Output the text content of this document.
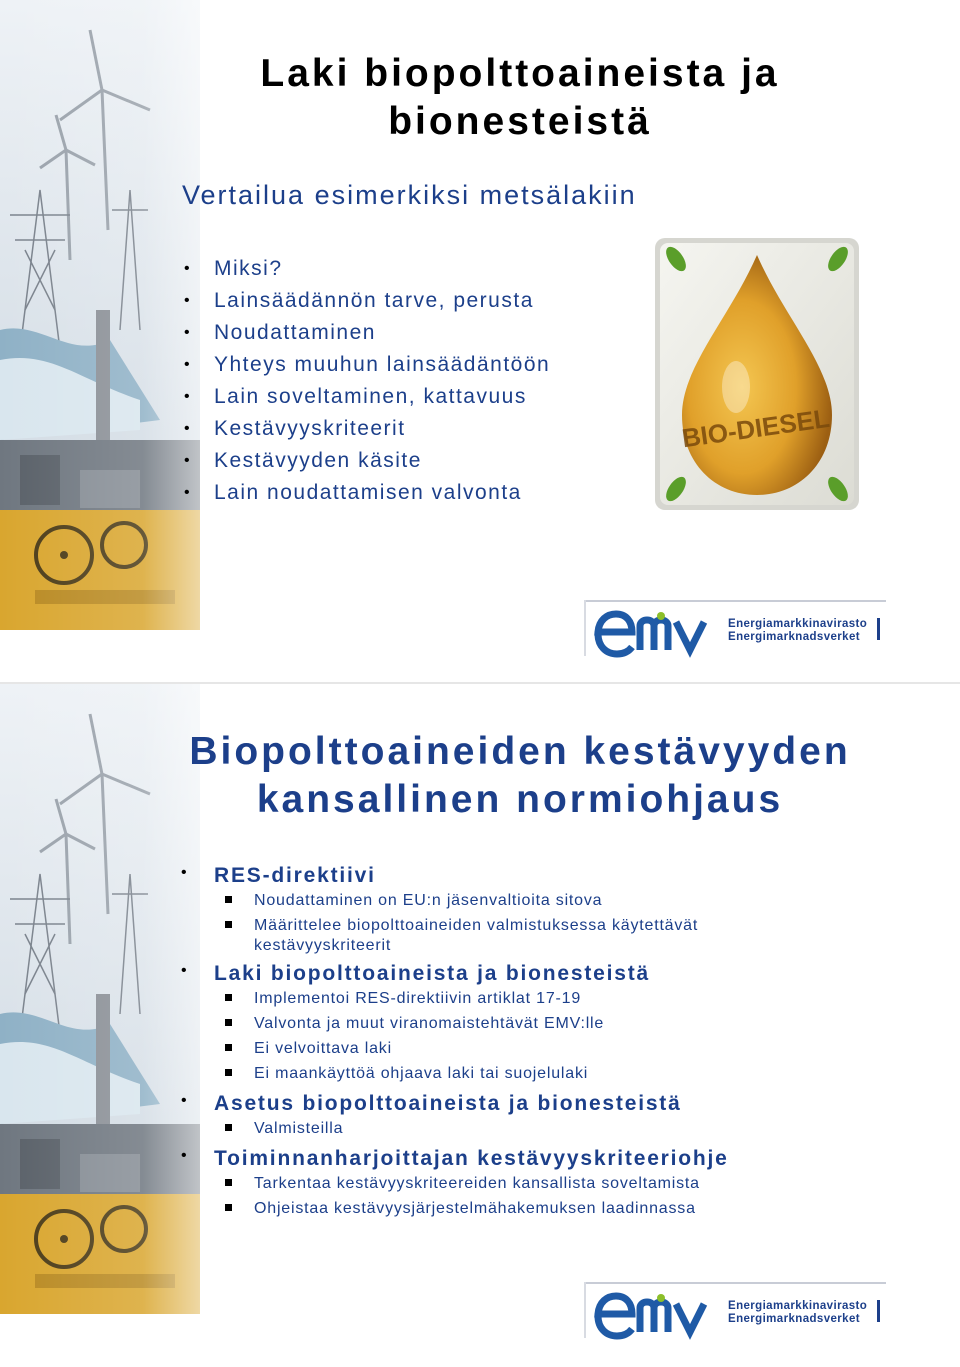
Laki biopolttoaineista ja
bionesteistä
Vertailua esimerkiksi metsälakiin
• Miksi?
• Lainsäädännön tarve, perusta
• Noudattaminen
• Yhteys muuhun lainsäädäntöön
• Lain soveltaminen, kattavuus
• Kestävyyskriteerit
• Kestävyyden käsite
• Lain noudattamisen valvonta
BIO-DIESEL
Energiamarkkinavirasto
Energimarknadsverket
Biopolttoaineiden kestävyyden
kansallinen normiohjaus
• RES-direktiivi
Noudattaminen on EU:n jäsenvaltioita sitova
Määrittelee biopolttoaineiden valmistuksessa käytettävät kestävyyskriteerit
• Laki biopolttoaineista ja bionesteistä
Implementoi RES-direktiivin artiklat 17-19
Valvonta ja muut viranomaistehtävät EMV:lle
Ei velvoittava laki
Ei maankäyttöä ohjaava laki tai suojelulaki
• Asetus biopolttoaineista ja bionesteistä
Valmisteilla
• Toiminnanharjoittajan kestävyyskriteeriohje
Tarkentaa kestävyyskriteereiden kansallista soveltamista
Ohjeistaa kestävyysjärjestelmähakemuksen laadinnassa
Energiamarkkinavirasto
Energimarknadsverket
